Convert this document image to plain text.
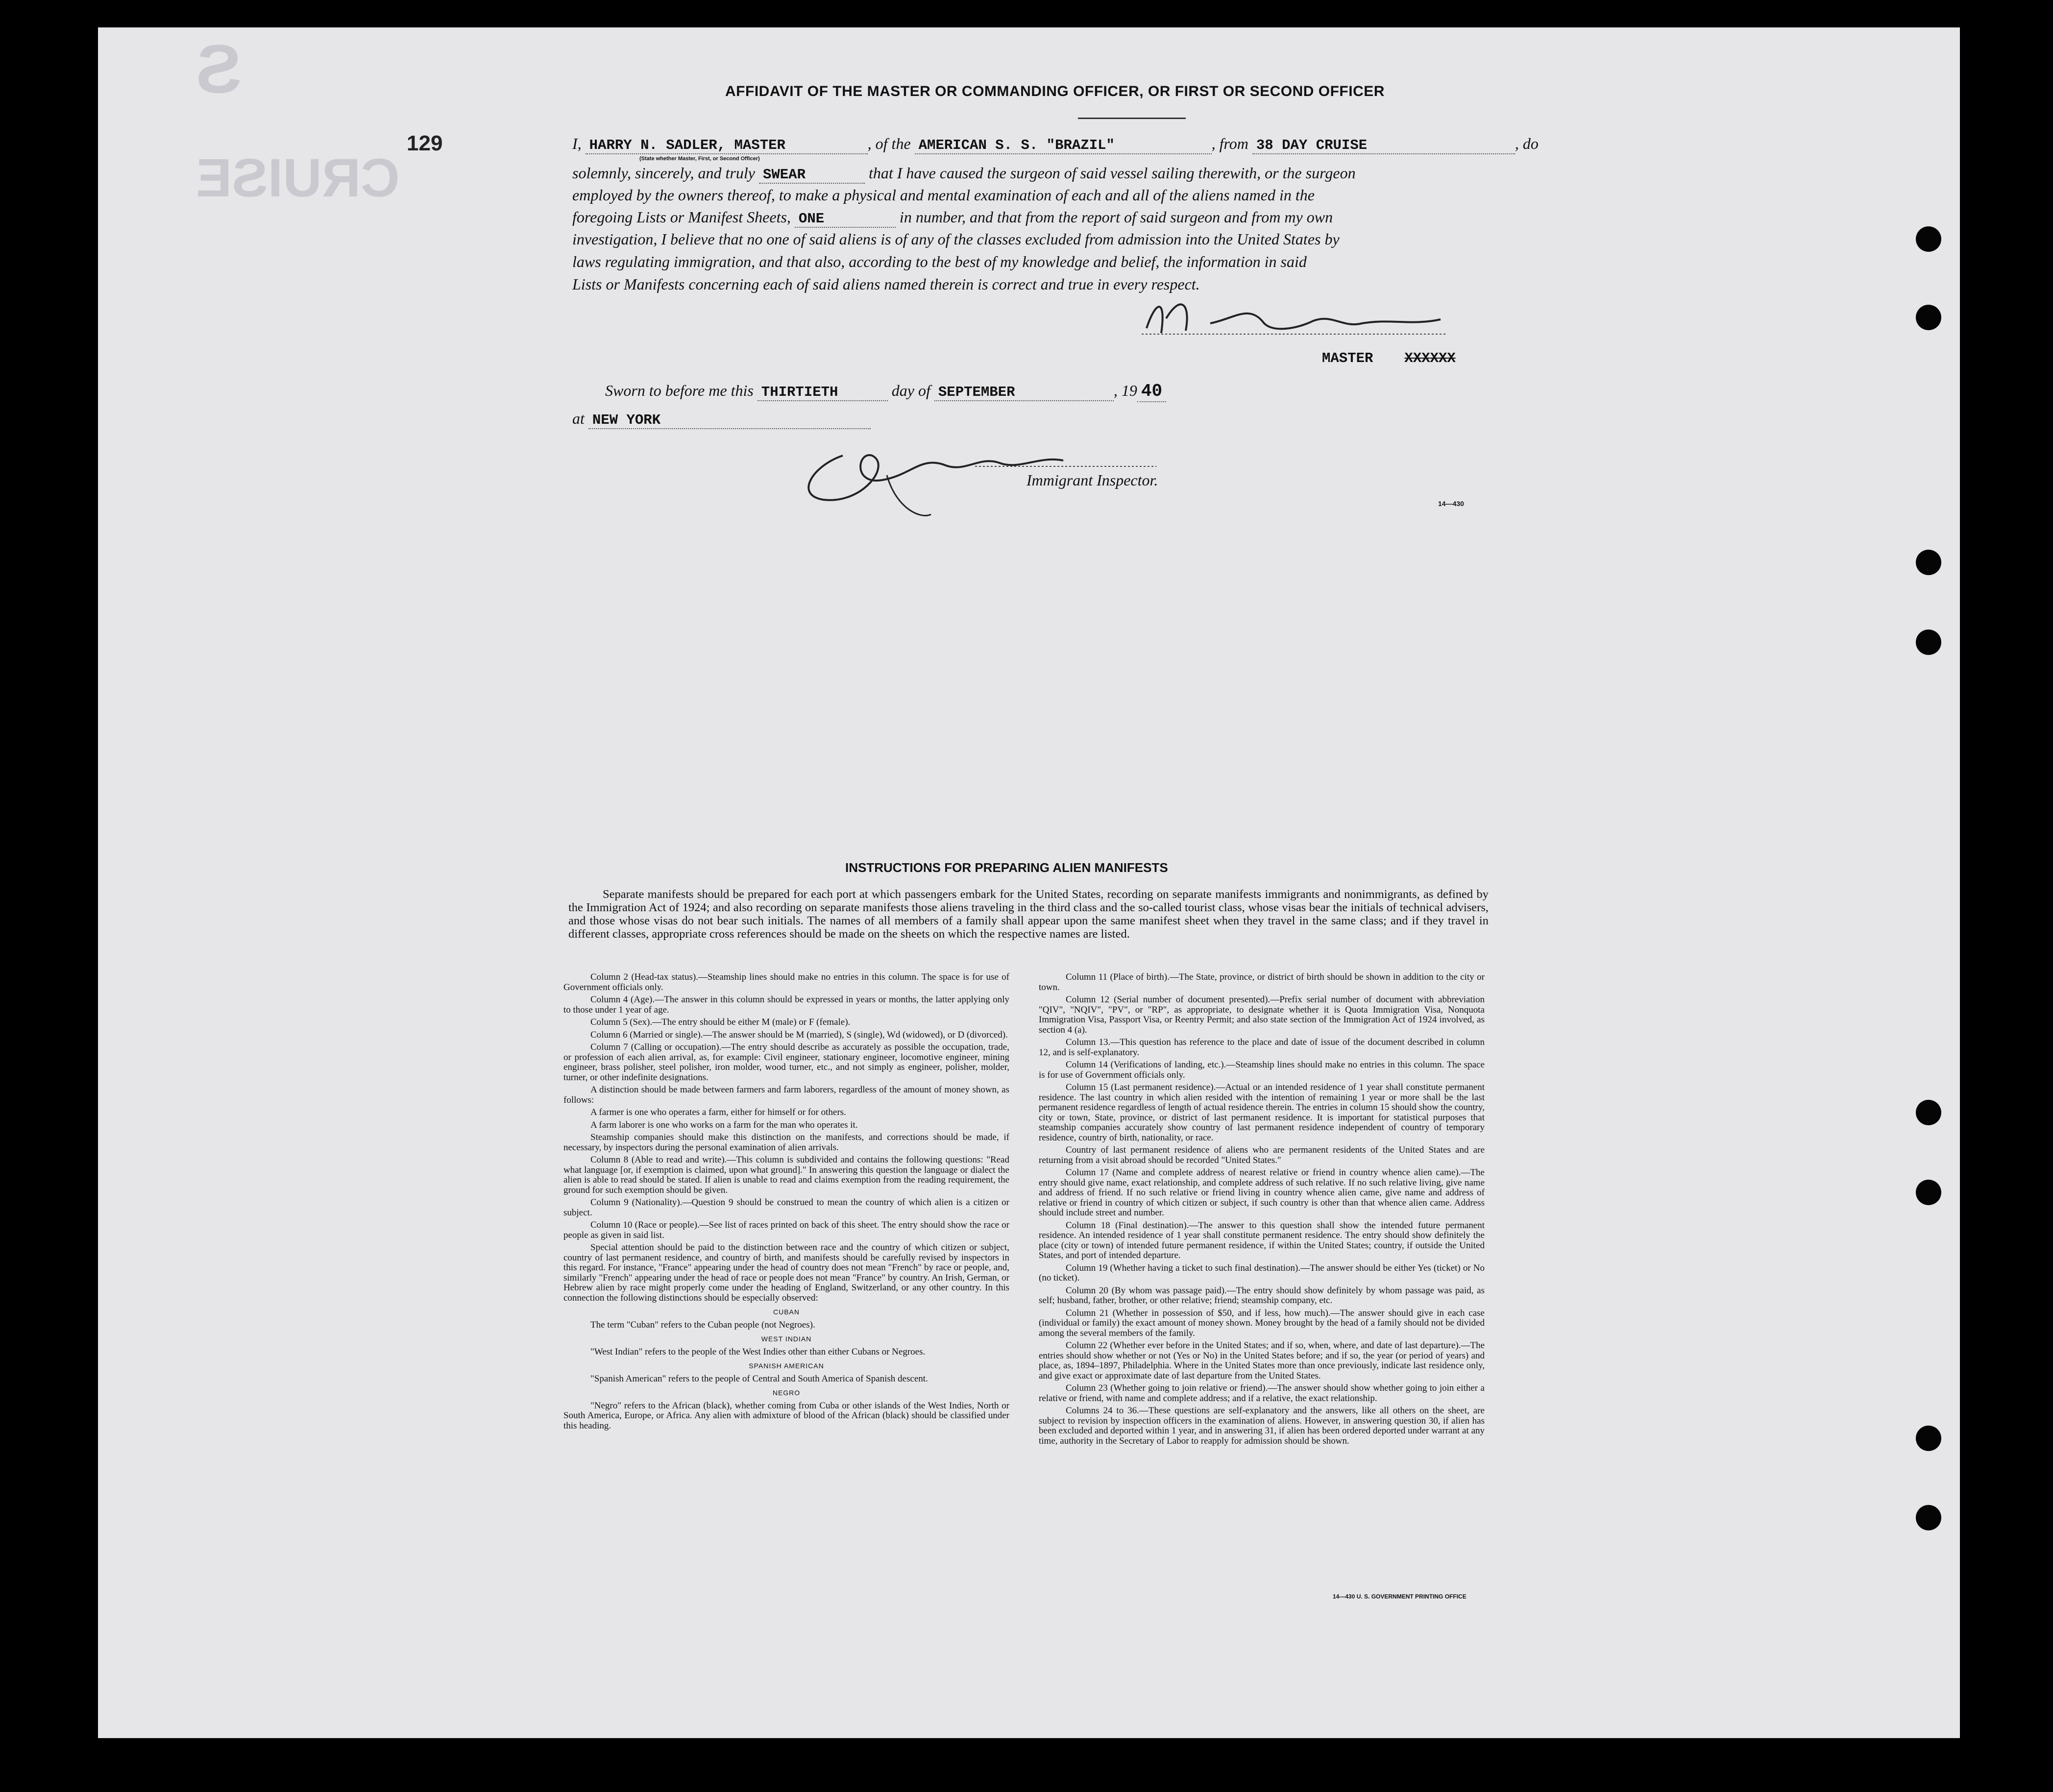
CRUISE
S
129
AFFIDAVIT OF THE MASTER OR COMMANDING OFFICER, OR FIRST OR SECOND OFFICER
I, HARRY N. SADLER, MASTER	, of the AMERICAN S. S. "BRAZIL"	, from 38 DAY CRUISE	, do
(State whether Master, First, or Second Officer)
solemnly, sincerely, and truly SWEAR	that I have caused the surgeon of said vessel sailing therewith, or the surgeon
employed by the owners thereof, to make a physical and mental examination of each and all of the aliens named in the
foregoing Lists or Manifest Sheets, ONE	in number, and that from the report of said surgeon and from my own
investigation, I believe that no one of said aliens is of any of the classes excluded from admission into the United States by
laws regulating immigration, and that also, according to the best of my knowledge and belief, the information in said
Lists or Manifests concerning each of said aliens named therein is correct and true in every respect.
MASTER XXXXXX
Sworn to before me this THIRTIETH	day of SEPTEMBER	, 19 40
at NEW YORK
Immigrant Inspector.
14—430
INSTRUCTIONS FOR PREPARING ALIEN MANIFESTS

Separate manifests should be prepared for each port at which passengers embark for the United States, recording on separate manifests immigrants and nonimmigrants, as defined by the Immigration Act of 1924; and also recording on separate manifests those aliens traveling in the third class and the so-called tourist class, whose visas bear the initials of technical advisers, and those whose visas do not bear such initials. The names of all members of a family shall appear upon the same manifest sheet when they travel in the same class; and if they travel in different classes, appropriate cross references should be made on the sheets on which the respective names are listed.

Column 2 (Head-tax status).—Steamship lines should make no entries in this column. The space is for use of Government officials only.

Column 4 (Age).—The answer in this column should be expressed in years or months, the latter applying only to those under 1 year of age.

Column 5 (Sex).—The entry should be either M (male) or F (female).

Column 6 (Married or single).—The answer should be M (married), S (single), Wd (widowed), or D (divorced).

Column 7 (Calling or occupation).—The entry should describe as accurately as possible the occupation, trade, or profession of each alien arrival, as, for example: Civil engineer, stationary engineer, locomotive engineer, mining engineer, brass polisher, steel polisher, iron molder, wood turner, etc., and not simply as engineer, polisher, molder, turner, or other indefinite designations.

A distinction should be made between farmers and farm laborers, regardless of the amount of money shown, as follows:

A farmer is one who operates a farm, either for himself or for others.

A farm laborer is one who works on a farm for the man who operates it.

Steamship companies should make this distinction on the manifests, and corrections should be made, if necessary, by inspectors during the personal examination of alien arrivals.

Column 8 (Able to read and write).—This column is subdivided and contains the following questions: "Read what language [or, if exemption is claimed, upon what ground]." In answering this question the language or dialect the alien is able to read should be stated. If alien is unable to read and claims exemption from the reading requirement, the ground for such exemption should be given.

Column 9 (Nationality).—Question 9 should be construed to mean the country of which alien is a citizen or subject.

Column 10 (Race or people).—See list of races printed on back of this sheet. The entry should show the race or people as given in said list.

Special attention should be paid to the distinction between race and the country of which citizen or subject, country of last permanent residence, and country of birth, and manifests should be carefully revised by inspectors in this regard. For instance, "France" appearing under the head of country does not mean "French" by race or people, and, similarly "French" appearing under the head of race or people does not mean "France" by country. An Irish, German, or Hebrew alien by race might properly come under the heading of England, Switzerland, or any other country. In this connection the following distinctions should be especially observed:

CUBAN

The term "Cuban" refers to the Cuban people (not Negroes).

WEST INDIAN

"West Indian" refers to the people of the West Indies other than either Cubans or Negroes.

SPANISH AMERICAN

"Spanish American" refers to the people of Central and South America of Spanish descent.

NEGRO

"Negro" refers to the African (black), whether coming from Cuba or other islands of the West Indies, North or South America, Europe, or Africa. Any alien with admixture of blood of the African (black) should be classified under this heading.

Column 11 (Place of birth).—The State, province, or district of birth should be shown in addition to the city or town.

Column 12 (Serial number of document presented).—Prefix serial number of document with abbreviation "QIV", "NQIV", "PV", or "RP", as appropriate, to designate whether it is Quota Immigration Visa, Nonquota Immigration Visa, Passport Visa, or Reentry Permit; and also state section of the Immigration Act of 1924 involved, as section 4 (a).

Column 13.—This question has reference to the place and date of issue of the document described in column 12, and is self-explanatory.

Column 14 (Verifications of landing, etc.).—Steamship lines should make no entries in this column. The space is for use of Government officials only.

Column 15 (Last permanent residence).—Actual or an intended residence of 1 year shall constitute permanent residence. The last country in which alien resided with the intention of remaining 1 year or more shall be the last permanent residence regardless of length of actual residence therein. The entries in column 15 should show the country, city or town, State, province, or district of last permanent residence. It is important for statistical purposes that steamship companies accurately show country of last permanent residence independent of country of temporary residence, country of birth, nationality, or race.

Country of last permanent residence of aliens who are permanent residents of the United States and are returning from a visit abroad should be recorded "United States."

Column 17 (Name and complete address of nearest relative or friend in country whence alien came).—The entry should give name, exact relationship, and complete address of such relative. If no such relative living, give name and address of friend. If no such relative or friend living in country whence alien came, give name and address of relative or friend in country of which citizen or subject, if such country is other than that whence alien came. Address should include street and number.

Column 18 (Final destination).—The answer to this question shall show the intended future permanent residence. An intended residence of 1 year shall constitute permanent residence. The entry should show definitely the place (city or town) of intended future permanent residence, if within the United States; country, if outside the United States, and port of intended departure.

Column 19 (Whether having a ticket to such final destination).—The answer should be either Yes (ticket) or No (no ticket).

Column 20 (By whom was passage paid).—The entry should show definitely by whom passage was paid, as self; husband, father, brother, or other relative; friend; steamship company, etc.

Column 21 (Whether in possession of $50, and if less, how much).—The answer should give in each case (individual or family) the exact amount of money shown. Money brought by the head of a family should not be divided among the several members of the family.

Column 22 (Whether ever before in the United States; and if so, when, where, and date of last departure).—The entries should show whether or not (Yes or No) in the United States before; and if so, the year (or period of years) and place, as, 1894–1897, Philadelphia. Where in the United States more than once previously, indicate last residence only, and give exact or approximate date of last departure from the United States.

Column 23 (Whether going to join relative or friend).—The answer should show whether going to join either a relative or friend, with name and complete address; and if a relative, the exact relationship.

Columns 24 to 36.—These questions are self-explanatory and the answers, like all others on the sheet, are subject to revision by inspection officers in the examination of aliens. However, in answering question 30, if alien has been excluded and deported within 1 year, and in answering 31, if alien has been ordered deported under warrant at any time, authority in the Secretary of Labor to reapply for admission should be shown.

14—430 U. S. GOVERNMENT PRINTING OFFICE
